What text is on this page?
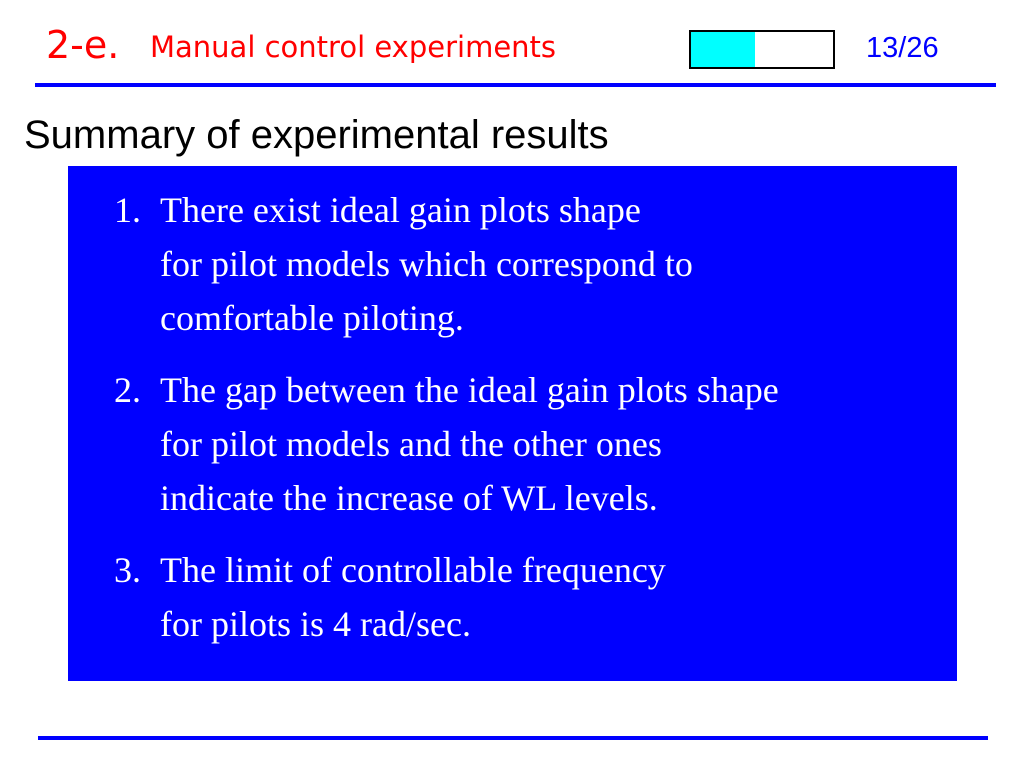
2-e. Manual control experiments	13/26
Summary of experimental results
1. There exist ideal gain plots shape
for pilot models which correspond to
comfortable piloting.
2. The gap between the ideal gain plots shape
for pilot models and the other ones
indicate the increase of WL levels.
3. The limit of controllable frequency
for pilots is 4 rad/sec.
